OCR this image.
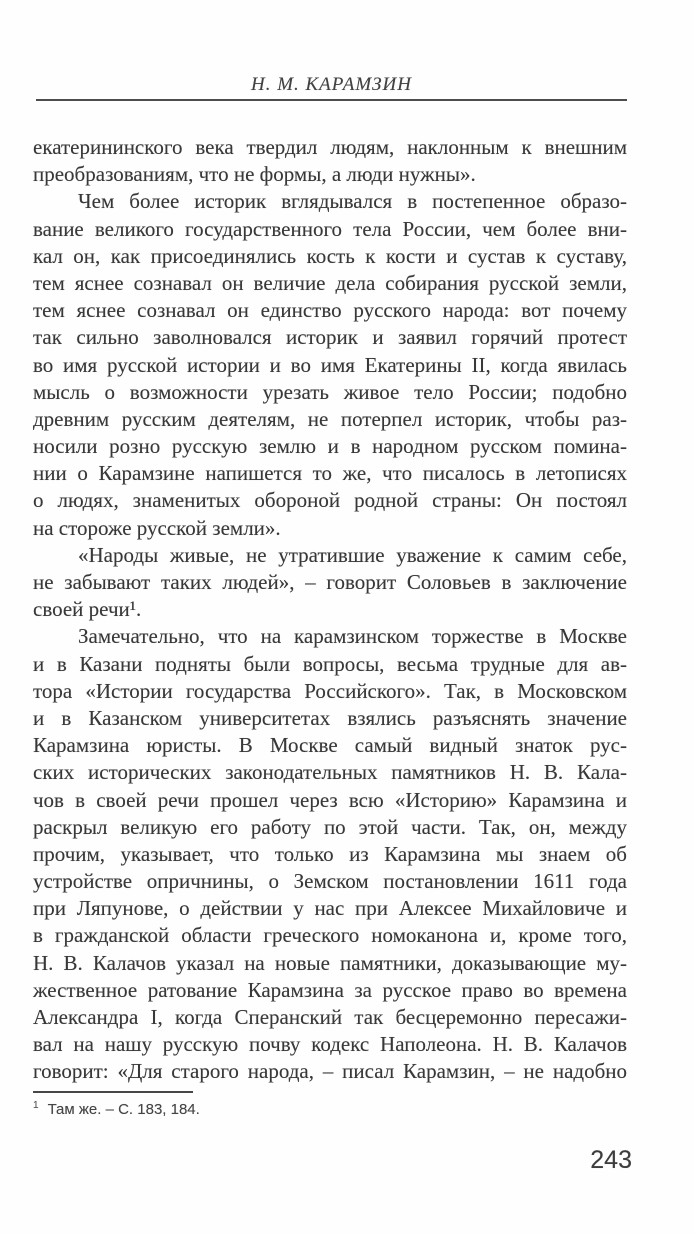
Н. М. КАРАМЗИН
екатерининского века твердил людям, наклонным к внешним
преобразованиям, что не формы, а люди нужны».
Чем более историк вглядывался в постепенное образо-
вание великого государственного тела России, чем более вни-
кал он, как присоединялись кость к кости и сустав к суставу,
тем яснее сознавал он величие дела собирания русской земли,
тем яснее сознавал он единство русского народа: вот почему
так сильно заволновался историк и заявил горячий протест
во имя русской истории и во имя Екатерины II, когда явилась
мысль о возможности урезать живое тело России; подобно
древним русским деятелям, не потерпел историк, чтобы раз-
носили розно русскую землю и в народном русском помина-
нии о Карамзине напишется то же, что писалось в летописях
о людях, знаменитых обороной родной страны: Он постоял
на стороже русской земли».
«Народы живые, не утратившие уважение к самим себе,
не забывают таких людей», – говорит Соловьев в заключение
своей речи¹.
Замечательно, что на карамзинском торжестве в Москве
и в Казани подняты были вопросы, весьма трудные для ав-
тора «Истории государства Российского». Так, в Московском
и в Казанском университетах взялись разъяснять значение
Карамзина юристы. В Москве самый видный знаток рус-
ских исторических законодательных памятников Н. В. Кала-
чов в своей речи прошел через всю «Историю» Карамзина и
раскрыл великую его работу по этой части. Так, он, между
прочим, указывает, что только из Карамзина мы знаем об
устройстве опричнины, о Земском постановлении 1611 года
при Ляпунове, о действии у нас при Алексее Михайловиче и
в гражданской области греческого номоканона и, кроме того,
Н. В. Калачов указал на новые памятники, доказывающие му-
жественное ратование Карамзина за русское право во времена
Александра I, когда Сперанский так бесцеремонно пересажи-
вал на нашу русскую почву кодекс Наполеона. Н. В. Калачов
говорит: «Для старого народа, – писал Карамзин, – не надобно
$^1$ Там же. – С. 183, 184.
243
